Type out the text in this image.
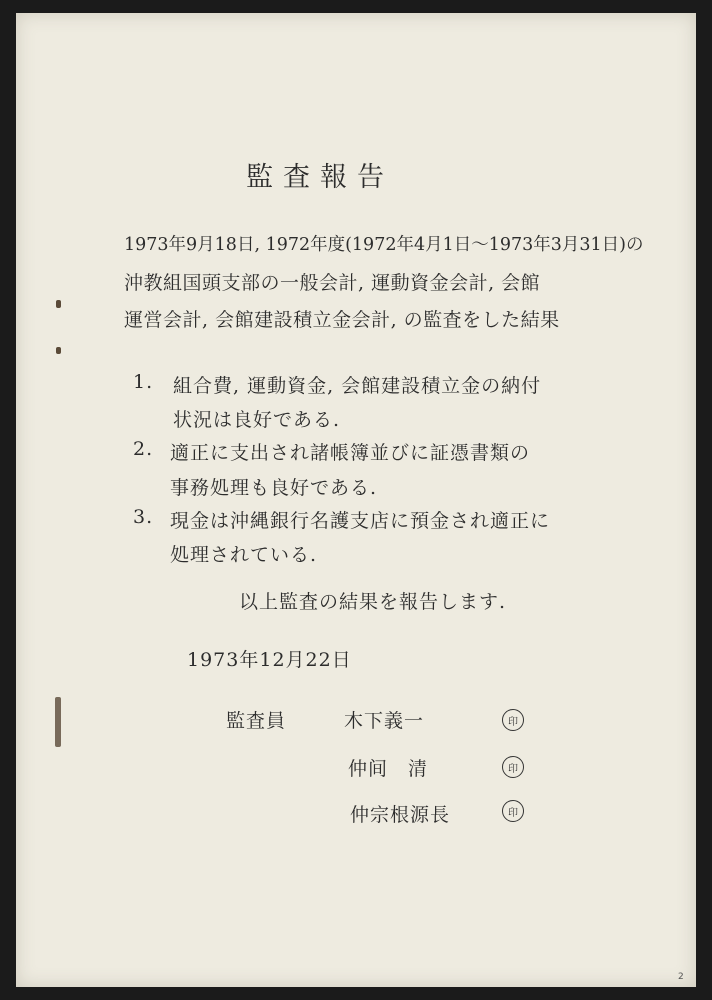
監査報告
1973年9月18日, 1972年度(1972年4月1日～1973年3月31日)の
沖教組国頭支部の一般会計, 運動資金会計, 会館
運営会計, 会館建設積立金会計, の監査をした結果
1. 組合費, 運動資金, 会館建設積立金の納付
状況は良好である.
2. 適正に支出され諸帳簿並びに証憑書類の
事務処理も良好である.
3. 現金は沖縄銀行名護支店に預金され適正に
処理されている.
以上監査の結果を報告します.
1973年12月22日
監査員	木下義一
仲间　清
仲宗根源長
印
印
印
2
